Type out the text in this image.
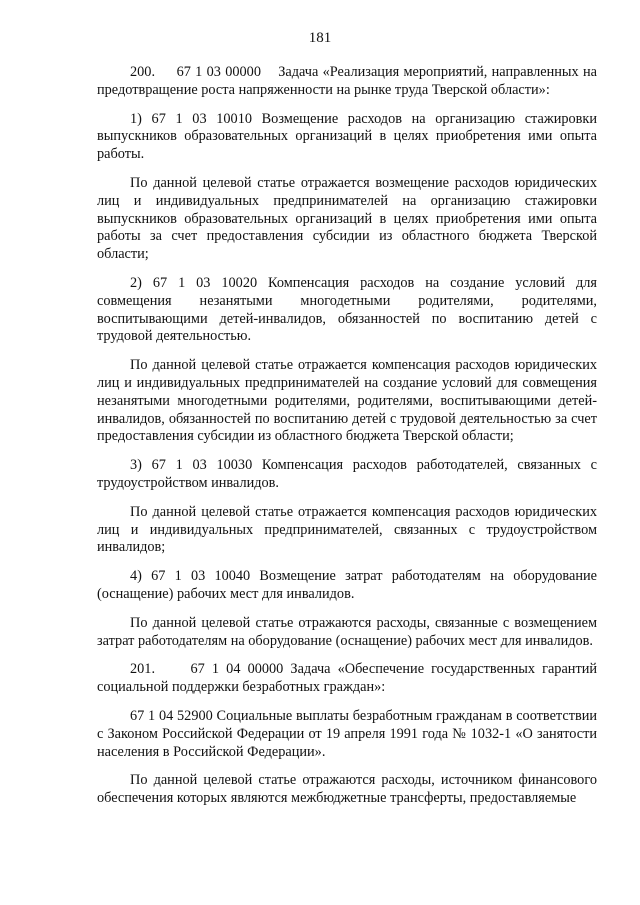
181

200.     67 1 03 00000    Задача «Реализация мероприятий, направленных на предотвращение роста напряженности на рынке труда Тверской области»:

1) 67 1 03 10010 Возмещение расходов на организацию стажировки выпускников образовательных организаций в целях приобретения ими опыта работы.

По данной целевой статье отражается возмещение расходов юридических лиц и индивидуальных предпринимателей на организацию стажировки выпускников образовательных организаций в целях приобретения ими опыта работы за счет предоставления субсидии из областного бюджета Тверской области;

2) 67 1 03 10020 Компенсация расходов на создание условий для совмещения незанятыми многодетными родителями, родителями, воспитывающими детей-инвалидов, обязанностей по воспитанию детей с трудовой деятельностью.

По данной целевой статье отражается компенсация расходов юридических лиц и индивидуальных предпринимателей на создание условий для совмещения незанятыми многодетными родителями, родителями, воспитывающими детей-инвалидов, обязанностей по воспитанию детей с трудовой деятельностью за счет предоставления субсидии из областного бюджета Тверской области;

3) 67 1 03 10030 Компенсация расходов работодателей, связанных с трудоустройством инвалидов.

По данной целевой статье отражается компенсация расходов юридических лиц и индивидуальных предпринимателей, связанных с трудоустройством инвалидов;

4) 67 1 03 10040 Возмещение затрат работодателям на оборудование (оснащение) рабочих мест для инвалидов.

По данной целевой статье отражаются расходы, связанные с возмещением затрат работодателям на оборудование (оснащение) рабочих мест для инвалидов.

201.     67 1 04 00000 Задача «Обеспечение государственных гарантий социальной поддержки безработных граждан»:

67 1 04 52900 Социальные выплаты безработным гражданам в соответствии с Законом Российской Федерации от 19 апреля 1991 года № 1032-1 «О занятости населения в Российской Федерации».

По данной целевой статье отражаются расходы, источником финансового обеспечения которых являются межбюджетные трансферты, предоставляемые
